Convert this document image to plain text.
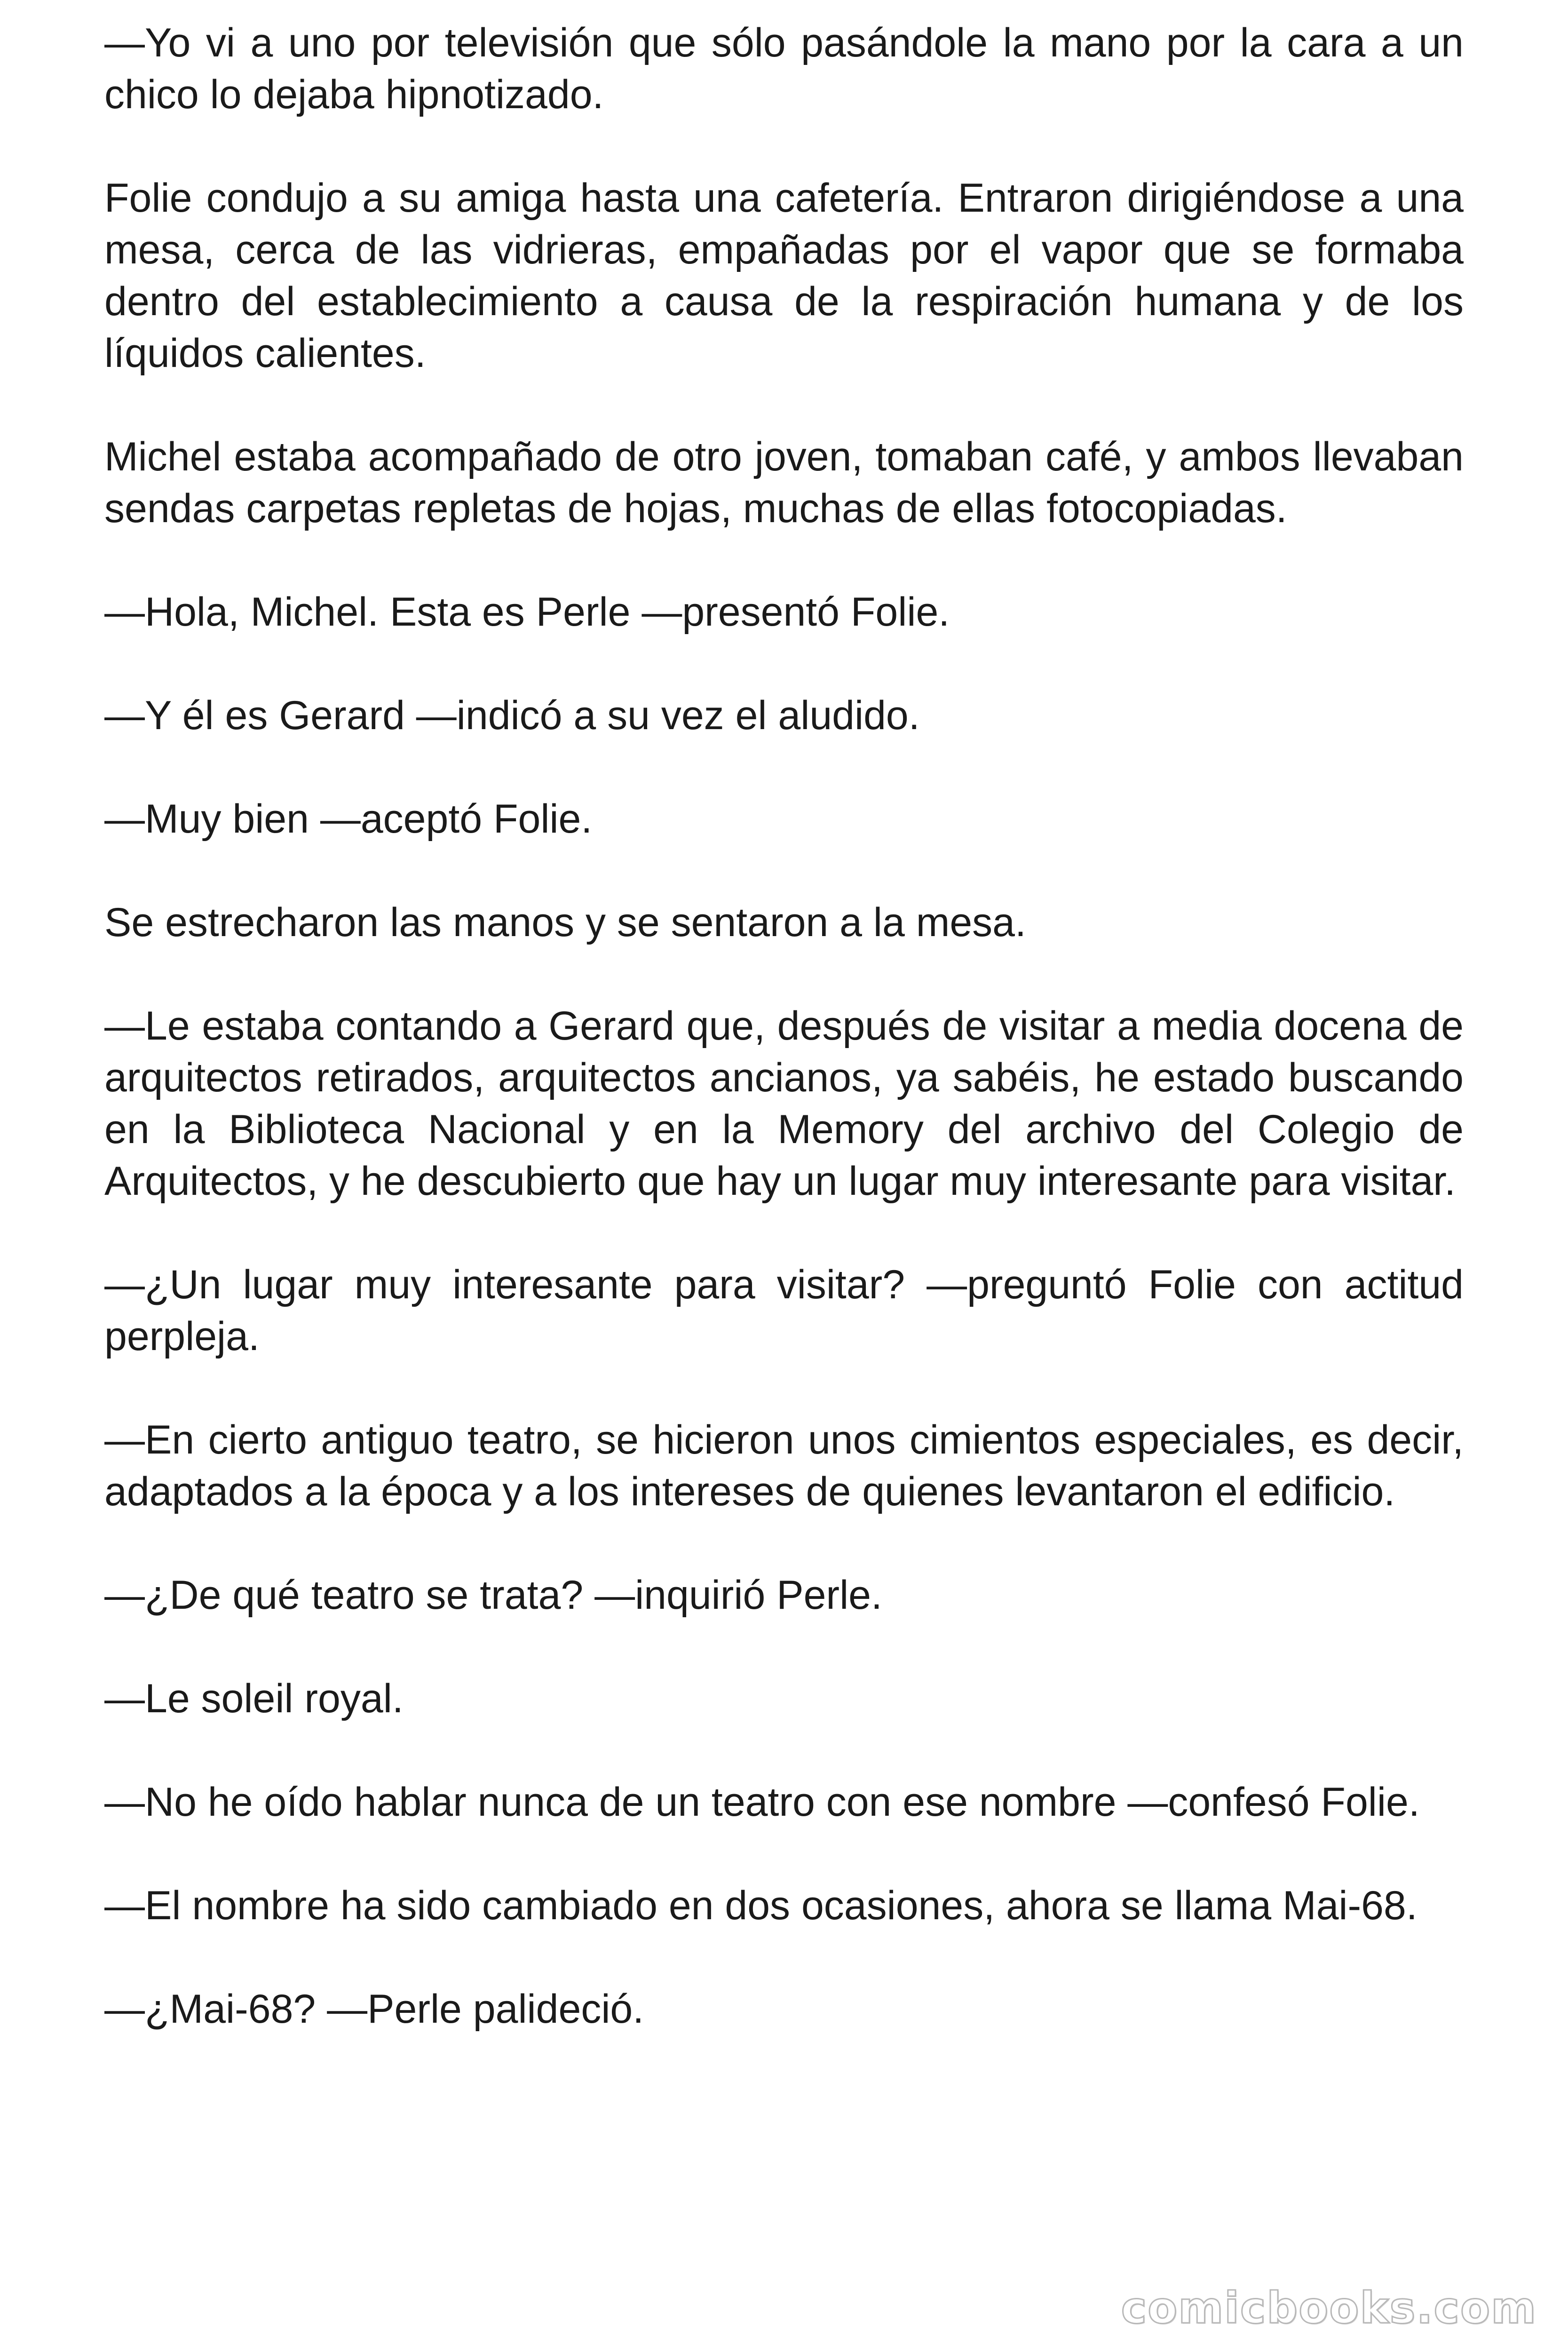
—Yo vi a uno por televisión que sólo pasándole la mano por la cara a un chico lo dejaba hipnotizado.

Folie condujo a su amiga hasta una cafetería. Entraron dirigiéndose a una mesa, cerca de las vidrieras, empañadas por el vapor que se formaba dentro del establecimiento a causa de la respiración humana y de los líquidos calientes.

Michel estaba acompañado de otro joven, tomaban café, y ambos llevaban sendas carpetas repletas de hojas, muchas de ellas fotocopiadas.

—Hola, Michel. Esta es Perle —presentó Folie.

—Y él es Gerard —indicó a su vez el aludido.

—Muy bien —aceptó Folie.

Se estrecharon las manos y se sentaron a la mesa.

—Le estaba contando a Gerard que, después de visitar a media docena de arquitectos retirados, arquitectos ancianos, ya sabéis, he estado buscando en la Biblioteca Nacional y en la Memory del archivo del Colegio de Arquitectos, y he descubierto que hay un lugar muy interesante para visitar.

—¿Un lugar muy interesante para visitar? —preguntó Folie con actitud perpleja.

—En cierto antiguo teatro, se hicieron unos cimientos especiales, es decir, adaptados a la época y a los intereses de quienes levantaron el edificio.

—¿De qué teatro se trata? —inquirió Perle.

—Le soleil royal.

—No he oído hablar nunca de un teatro con ese nombre —confesó Folie.

—El nombre ha sido cambiado en dos ocasiones, ahora se llama Mai-68.

—¿Mai-68? —Perle palideció.

comicbooks.com
